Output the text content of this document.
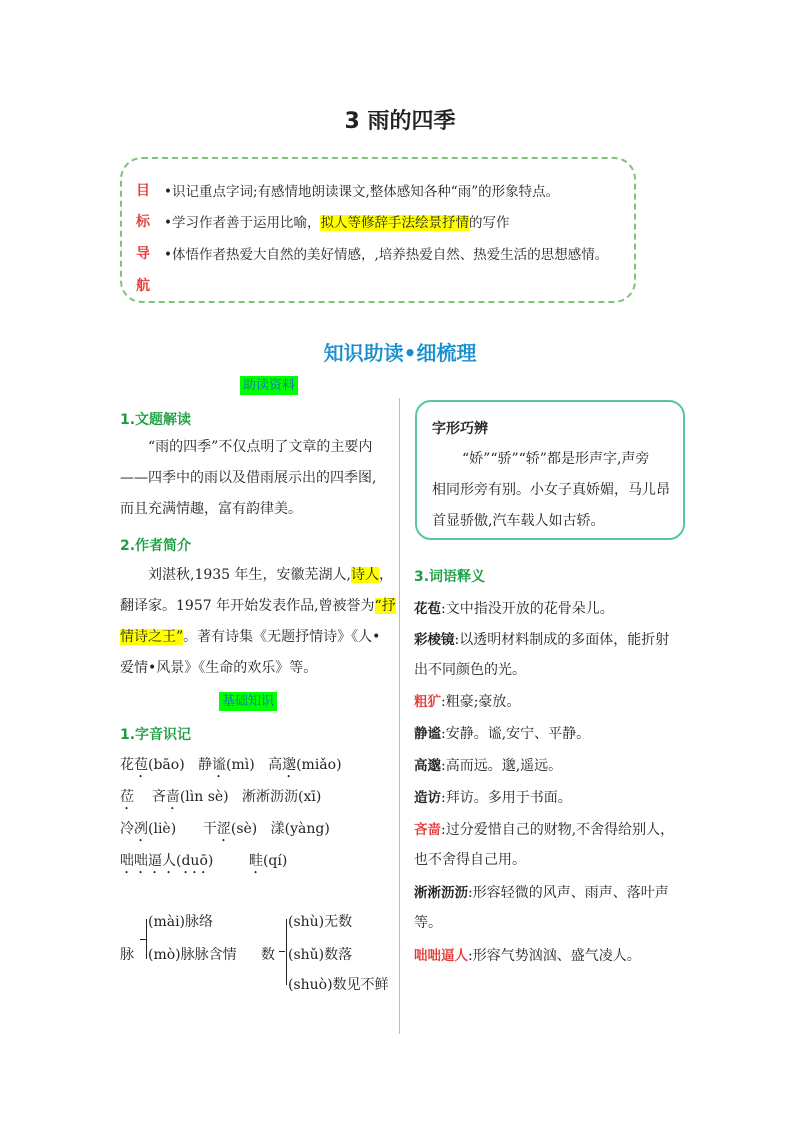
3 雨的四季
目
标
导
航
•识记重点字词;有感情地朗读课文,整体感知各种“雨”的形象特点。
•学习作者善于运用比喻，拟人等修辞手法绘景抒情的写作
•体悟作者热爱大自然的美好情感，,培养热爱自然、热爱生活的思想感情。
知识助读•细梳理
助读资料
1.文题解读
“雨的四季”不仅点明了文章的主要内
——四季中的雨以及借雨展示出的四季图,
而且充满情趣，富有韵律美。
2.作者简介
刘湛秋,1935 年生，安徽芜湖人,诗人，
翻译家。1957 年开始发表作品,曾被誉为“抒
情诗之王”。著有诗集《无题抒情诗》《人•
爱情•风景》《生命的欢乐》等。
基础知识
1.字音识记
花苞(bāo) 静谧(mì) 高邈(miǎo)
莅 吝啬(lìn sè) 淅淅沥沥(xī)
冷冽(liè) 干涩(sè) 漾(yàng)
咄咄逼人(duō)	畦(qí)
脉
(mài)脉络
(mò)脉脉含情 数
(shù)无数
(shǔ)数落
(shuò)数见不鲜
字形巧辨
“娇”“骄”“轿”都是形声字,声旁
相同形旁有别。小女子真娇媚，马儿昂
首显骄傲,汽车载人如古轿。
3.词语释义
花苞:文中指没开放的花骨朵儿。
彩棱镜:以透明材料制成的多面体，能折射
出不同颜色的光。
粗犷:粗豪;豪放。
静谧:安静。谧,安宁、平静。
高邈:高而远。邈,遥远。
造访:拜访。多用于书面。
吝啬:过分爱惜自己的财物,不舍得给别人，
也不舍得自己用。
淅淅沥沥:形容轻微的风声、雨声、落叶声
等。
咄咄逼人:形容气势汹汹、盛气凌人。
